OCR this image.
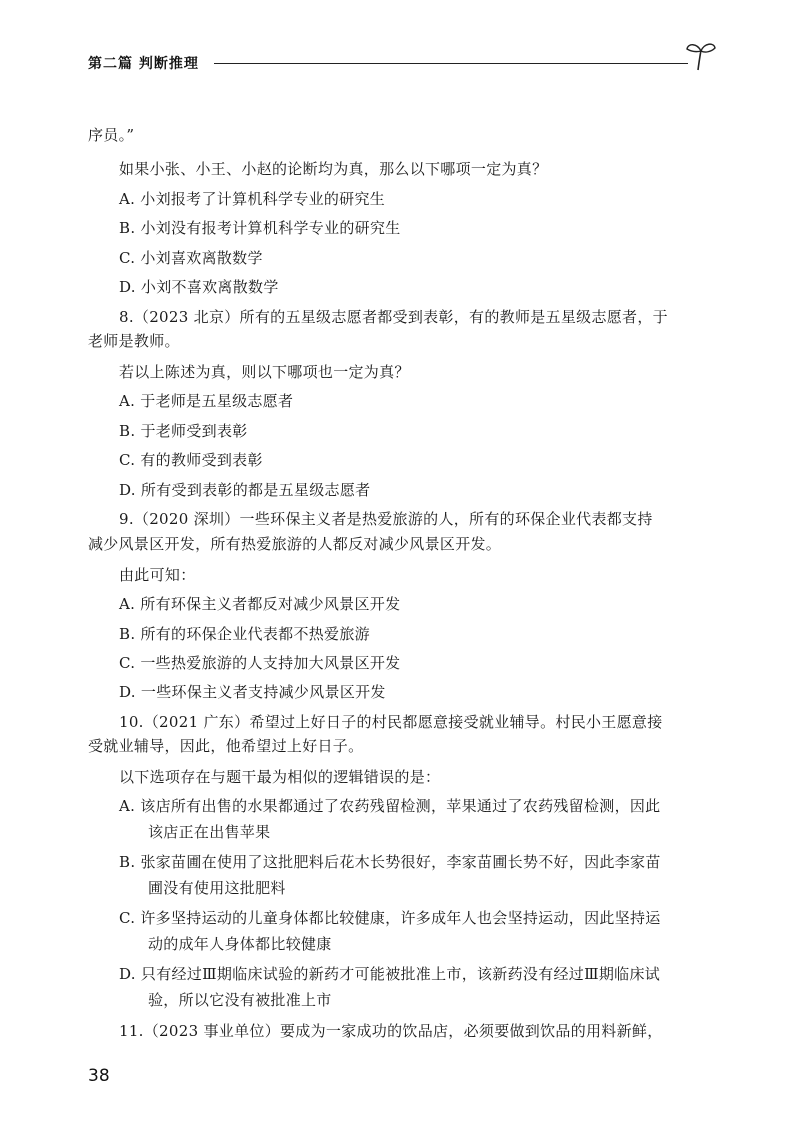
第二篇 判断推理
序员。”
如果小张、小王、小赵的论断均为真，那么以下哪项一定为真？
A. 小刘报考了计算机科学专业的研究生
B. 小刘没有报考计算机科学专业的研究生
C. 小刘喜欢离散数学
D. 小刘不喜欢离散数学
8.（2023 北京）所有的五星级志愿者都受到表彰，有的教师是五星级志愿者，于
老师是教师。
若以上陈述为真，则以下哪项也一定为真？
A. 于老师是五星级志愿者
B. 于老师受到表彰
C. 有的教师受到表彰
D. 所有受到表彰的都是五星级志愿者
9.（2020 深圳）一些环保主义者是热爱旅游的人，所有的环保企业代表都支持
减少风景区开发，所有热爱旅游的人都反对减少风景区开发。
由此可知：
A. 所有环保主义者都反对减少风景区开发
B. 所有的环保企业代表都不热爱旅游
C. 一些热爱旅游的人支持加大风景区开发
D. 一些环保主义者支持减少风景区开发
10.（2021 广东）希望过上好日子的村民都愿意接受就业辅导。村民小王愿意接
受就业辅导，因此，他希望过上好日子。
以下选项存在与题干最为相似的逻辑错误的是：
A. 该店所有出售的水果都通过了农药残留检测，苹果通过了农药残留检测，因此
该店正在出售苹果
B. 张家苗圃在使用了这批肥料后花木长势很好，李家苗圃长势不好，因此李家苗
圃没有使用这批肥料
C. 许多坚持运动的儿童身体都比较健康，许多成年人也会坚持运动，因此坚持运
动的成年人身体都比较健康
D. 只有经过Ⅲ期临床试验的新药才可能被批准上市，该新药没有经过Ⅲ期临床试
验，所以它没有被批准上市
11.（2023 事业单位）要成为一家成功的饮品店，必须要做到饮品的用料新鲜，
38
